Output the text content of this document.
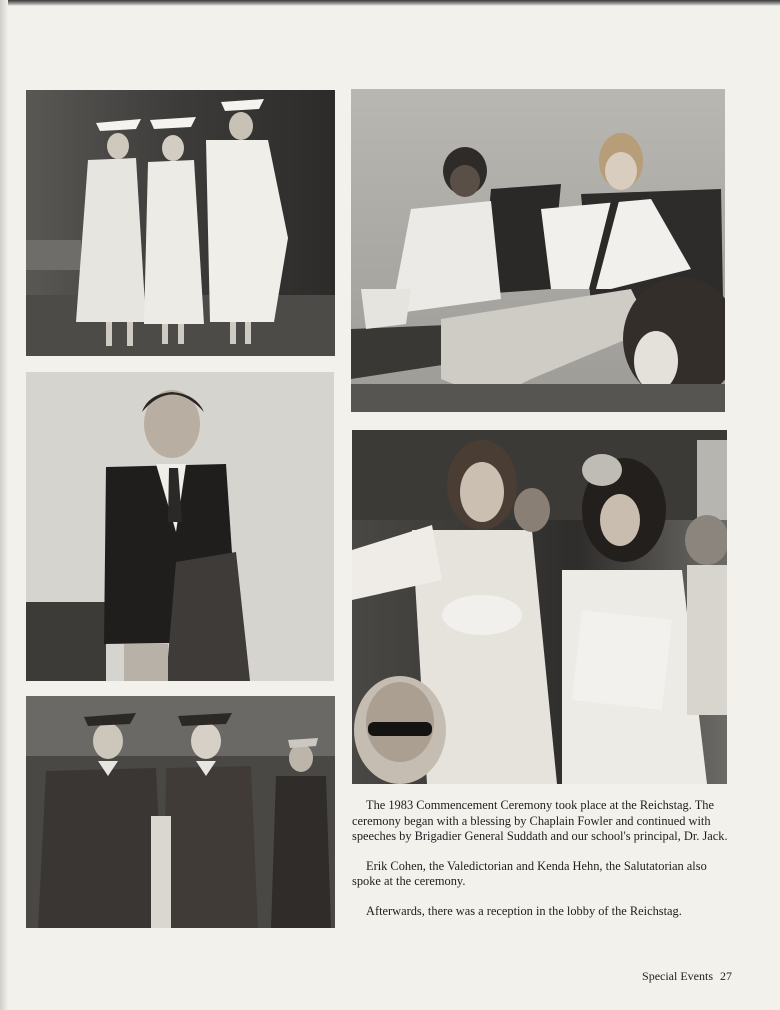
The 1983 Commencement Ceremony took place at the Reichstag. The ceremony began with a blessing by Chaplain Fowler and continued with speeches by Brigadier General Suddath and our school's principal, Dr. Jack.

Erik Cohen, the Valedictorian and Kenda Hehn, the Salutatorian also spoke at the ceremony.

Afterwards, there was a reception in the lobby of the Reichstag.

Special Events 27
